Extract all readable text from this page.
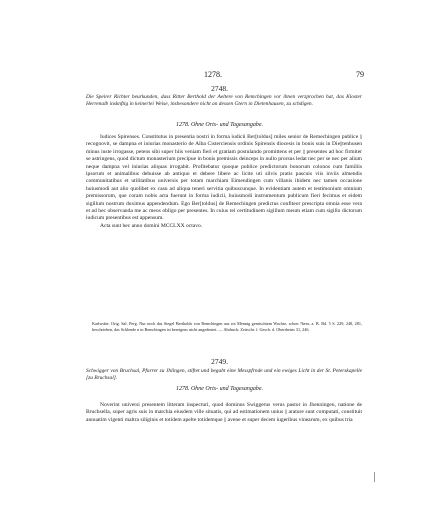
1278.	79
2748.
Die Speirer Richter beurkunden, dass Ritter Berthold der Aeltere von Remchingen vor ihnen verzprochen hat, das Kloster Herrenalb insknftig in keinerlei Weise, insbesondere nicht an dessen Gtern in Dietenhausen, zu schdigen.
1278. Ohne Orts- und Tagesangabe.

Iudices Spirenses. Constitutus in presentia nostri in forma iudicii Ber[toldus] miles senior de Remechingen publice || recognovit, se dampna et iniurias monasterio de Alba Cisterciensis ordinis Spirensis diocesis in bonis suis in Die||tenhusen minus iuste irrogasse, petens sibi super hiis veniam fieri et gratiam postulando promittens et per || presentes ad hoc firmiter se astringens, quod dictum monasterium precipue in bonis premissis deinceps in nullo prorsus ledat nec per se nec per alium neque dampna vel iniurias aliquas irrogabit. Profitebatur quoque publice predictorum bonorum colonos cum familiis ipsorum et animalibus debuisse ab antiquo et debere libere ac licite uti silvis pratis pascuis viis inviis almendis communitatibus et utilitatibus universis per totam marchiam Eimendingen cum villanis ibidem nec tamen occasione huiusmodi aut alio quolibet ex casu ad aliqua teneri servitia quibuscunque. In evidentiam autem et testimonium omnium premissorum, que coram nobis acta fuerunt in forma iudicii, huiusmodi instrumentum publicum fieri fecimus et eidem sigillum nostrum duximus appendendum. Ego Ber[toldus] de Remechingen predictus confiteor prescripta omnia esse vera et ad hec observanda me ac meos obligo per presentes. In cuius rei certitudinem sigillum meum etiam cum sigillo dictorum iudicum presentibus est appensum.

Acta sunt hec anno domini MCCLXX octavo.

Karlsruhe. Orig. Sal. Perg. Nur noch das Siegel Bertholds von Remchingen aus rot Mennig gemischtem Wachse, schon ?bera, a. B. Bd. 5 S. 229, 248, 281, beschrieben, das Schlende n in Remchingen ist bereigens nicht angedeutet. — Abdruck: Zeitschr. f. Gesch. d. Oberrheins 31, 246.
2749.
Schwigger von Bruchsal, Pfarrer zu Jhlingen, stiftet und begabt eine Messpfrnde und ein ewiges Licht in der St. Peterskapelle [zu Bruchsal].
1278. Ohne Orts- und Tagesangabe.

Noverint universi presentem litteram inspecturi, quod dominus Swiggerus verus pastor in Jhenningen, natione de Bruchsella, super agris suis in marchia eiusdem ville situatis, qui ad estimationem unius || arature sunt computati, constituit annuatim vigenti maltra siliginis et totidem apelte totidemque || avene et super decem iugeribus vinearum, ex quibus tria
